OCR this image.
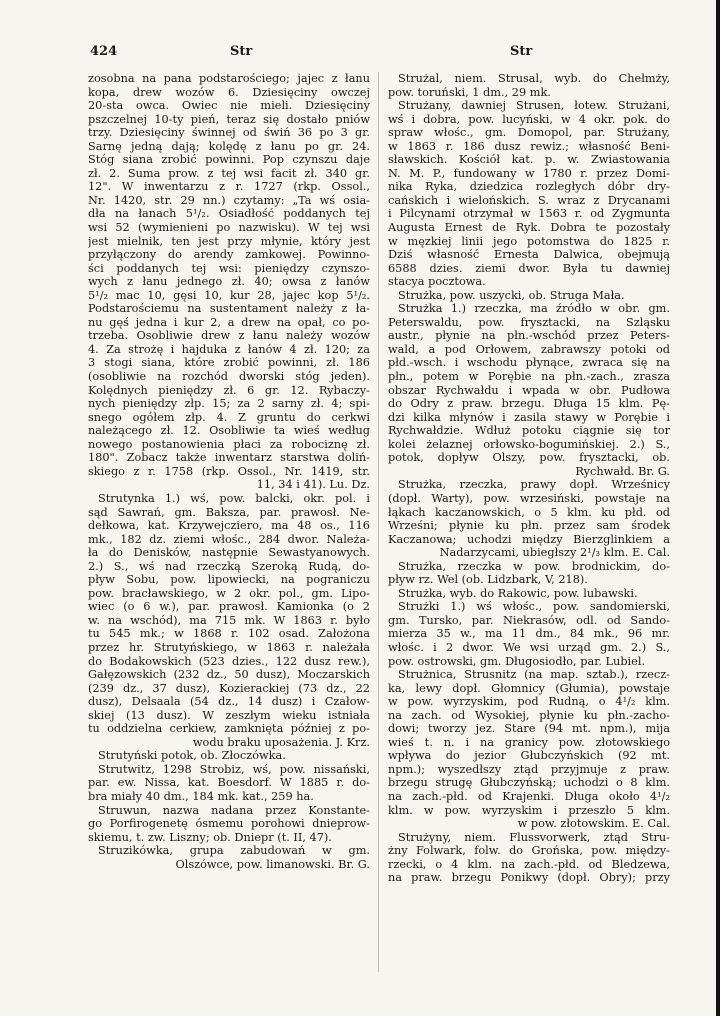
424	Str	Str
zosobna na pana podstarościego; jajec z łanu
kopa, drew wozów 6. Dziesięciny owczej
20-sta owca. Owiec nie mieli. Dziesięciny
pszczelnej 10-ty pień, teraz się dostało pniów
trzy. Dziesięciny świnnej od świń 36 po 3 gr.
Sarnę jedną dają; kolędę z łanu po gr. 24.
Stóg siana zrobić powinni. Pop czynszu daje
zł. 2. Suma prow. z tej wsi facit zł. 340 gr.
12". W inwentarzu z r. 1727 (rkp. Ossol.,
Nr. 1420, str. 29 nn.) czytamy: „Ta wś osia-
dła na łanach 5¹/₂. Osiadłość poddanych tej
wsi 52 (wymienieni po nazwisku). W tej wsi
jest mielnik, ten jest przy młynie, który jest
przyłączony do arendy zamkowej. Powinno-
ści poddanych tej wsi: pieniędzy czynszo-
wych z łanu jednego zł. 40; owsa z łanów
5¹/₂ mac 10, gęsi 10, kur 28, jajec kop 5¹/₂.
Podstarościemu na sustentament należy z ła-
nu gęś jedna i kur 2, a drew na opał, co po-
trzeba. Osobliwie drew z łanu należy wozów
4. Za strożę i hajduka z łanów 4 zł. 120; za
3 stogi siana, które zrobić powinni, zł. 186
(osobliwie na rozchód dworski stóg jeden).
Kolędnych pieniędzy zł. 6 gr. 12. Rybaczy-
nych pieniędzy złp. 15; za 2 sarny zł. 4; spi-
snego ogółem złp. 4. Z gruntu do cerkwi
należącego zł. 12. Osobliwie ta wieś według
nowego postanowienia płaci za robociznę zł.
180". Zobacz także inwentarz starstwa doliń-
skiego z r. 1758 (rkp. Ossol., Nr. 1419, str.
11, 34 i 41). Lu. Dz.
Strutynka 1.) wś, pow. balcki, okr. pol. i
sąd Sawrań, gm. Baksza, par. prawosł. Ne-
dełkowa, kat. Krzywejcziero, ma 48 os., 116
mk., 182 dz. ziemi włośc., 284 dwor. Należa-
ła do Denisków, następnie Sewastyanowych.
2.) S., wś nad rzeczką Szeroką Rudą, do-
pływ Sobu, pow. lipowiecki, na pograniczu
pow. bracławskiego, w 2 okr. pol., gm. Lipo-
wiec (o 6 w.), par. prawosł. Kamionka (o 2
w. na wschód), ma 715 mk. W 1863 r. było
tu 545 mk.; w 1868 r. 102 osad. Założona
przez hr. Strutyńskiego, w 1863 r. należała
do Bodakowskich (523 dzies., 122 dusz rew.),
Gałęzowskich (232 dz., 50 dusz), Moczarskich
(239 dz., 37 dusz), Kozierackiej (73 dz., 22
dusz), Delsaala (54 dz., 14 dusz) i Czałow-
skiej (13 dusz). W zeszłym wieku istniała
tu oddzielna cerkiew, zamknięta później z po-
wodu braku uposażenia. J. Krz.
Strutyński potok, ob. Złoczówka.
Strutwitz, 1298 Strobiz, wś, pow. nissański,
par. ew. Nissa, kat. Boesdorf. W 1885 r. do-
bra miały 40 dm., 184 mk. kat., 259 ha.
Struwun, nazwa nadana przez Konstante-
go Porfirogenetę ósmemu porohowi dnieprow-
skiemu, t. zw. Liszny; ob. Dniepr (t. II, 47).
Struzikówka, grupa zabudowań w gm.
Olszówce, pow. limanowski. Br. G.
Strużal, niem. Strusal, wyb. do Chełmży,
pow. toruński, 1 dm., 29 mk.
Strużany, dawniej Strusen, łotew. Strużani,
wś i dobra, pow. lucyński, w 4 okr. pok. do
spraw włośc., gm. Domopol, par. Strużany,
w 1863 r. 186 dusz rewiz.; własność Beni-
sławskich. Kościół kat. p. w. Zwiastowania
N. M. P., fundowany w 1780 r. przez Domi-
nika Ryka, dziedzica rozległych dóbr dry-
cańskich i wielońskich. S. wraz z Drycanami
i Pilcynami otrzymał w 1563 r. od Zygmunta
Augusta Ernest de Ryk. Dobra te pozostały
w męzkiej linii jego potomstwa do 1825 r.
Dziś własność Ernesta Dalwica, obejmują
6588 dzies. ziemi dwor. Była tu dawniej
stacya pocztowa.
Strużka, pow. uszycki, ob. Struga Mała.
Strużka 1.) rzeczka, ma źródło w obr. gm.
Peterswaldu, pow. frysztacki, na Szląsku
austr., płynie na płn.-wschód przez Peters-
wald, a pod Orłowem, zabrawszy potoki od
płd.-wsch. i wschodu płynące, zwraca się na
płn., potem w Porębie na płn.-zach., zrasza
obszar Rychwałdu i wpada w obr. Pudłowa
do Odry z praw. brzegu. Długa 15 klm. Pę-
dzi kilka młynów i zasila stawy w Porębie i
Rychwałdzie. Wdłuż potoku ciągnie się tor
kolei żelaznej orłowsko-bogumińskiej. 2.) S.,
potok, dopływ Olszy, pow. frysztacki, ob.
Rychwałd. Br. G.
Strużka, rzeczka, prawy dopł. Wrześnicy
(dopł. Warty), pow. wrzesiński, powstaje na
łąkach kaczanowskich, o 5 klm. ku płd. od
Wrześni; płynie ku płn. przez sam środek
Kaczanowa; uchodzi między Bierzglinkiem a
Nadarzycami, ubiegłszy 2¹/₃ klm. E. Cal.
Strużka, rzeczka w pow. brodnickim, do-
pływ rz. Wel (ob. Lidzbark, V, 218).
Strużka, wyb. do Rakowic, pow. lubawski.
Strużki 1.) wś włośc., pow. sandomierski,
gm. Tursko, par. Niekrasów, odl. od Sando-
mierza 35 w., ma 11 dm., 84 mk., 96 mr.
włośc. i 2 dwor. We wsi urząd gm. 2.) S.,
pow. ostrowski, gm. Długosiodło, par. Lubiel.
Strużnica, Strusnitz (na map. sztab.), rzecz-
ka, lewy dopł. Głomnicy (Głumia), powstaje
w pow. wyrzyskim, pod Rudną, o 4¹/₂ klm.
na zach. od Wysokiej, płynie ku płn.-zacho-
dowi; tworzy jez. Stare (94 mt. npm.), mija
wieś t. n. i na granicy pow. złotowskiego
wpływa do jezior Głubczyńskich (92 mt.
npm.); wyszedłszy ztąd przyjmuje z praw.
brzegu strugę Głubczyńską; uchodzi o 8 klm.
na zach.-płd. od Krajenki. Długa około 4¹/₂
klm. w pow. wyrzyskim i przeszło 5 klm.
w pow. złotowskim. E. Cal.
Strużyny, niem. Flussvorwerk, ztąd Stru-
żny Folwark, folw. do Grońska, pow. między-
rzecki, o 4 klm. na zach.-płd. od Bledzewa,
na praw. brzegu Ponikwy (dopł. Obry); przy
